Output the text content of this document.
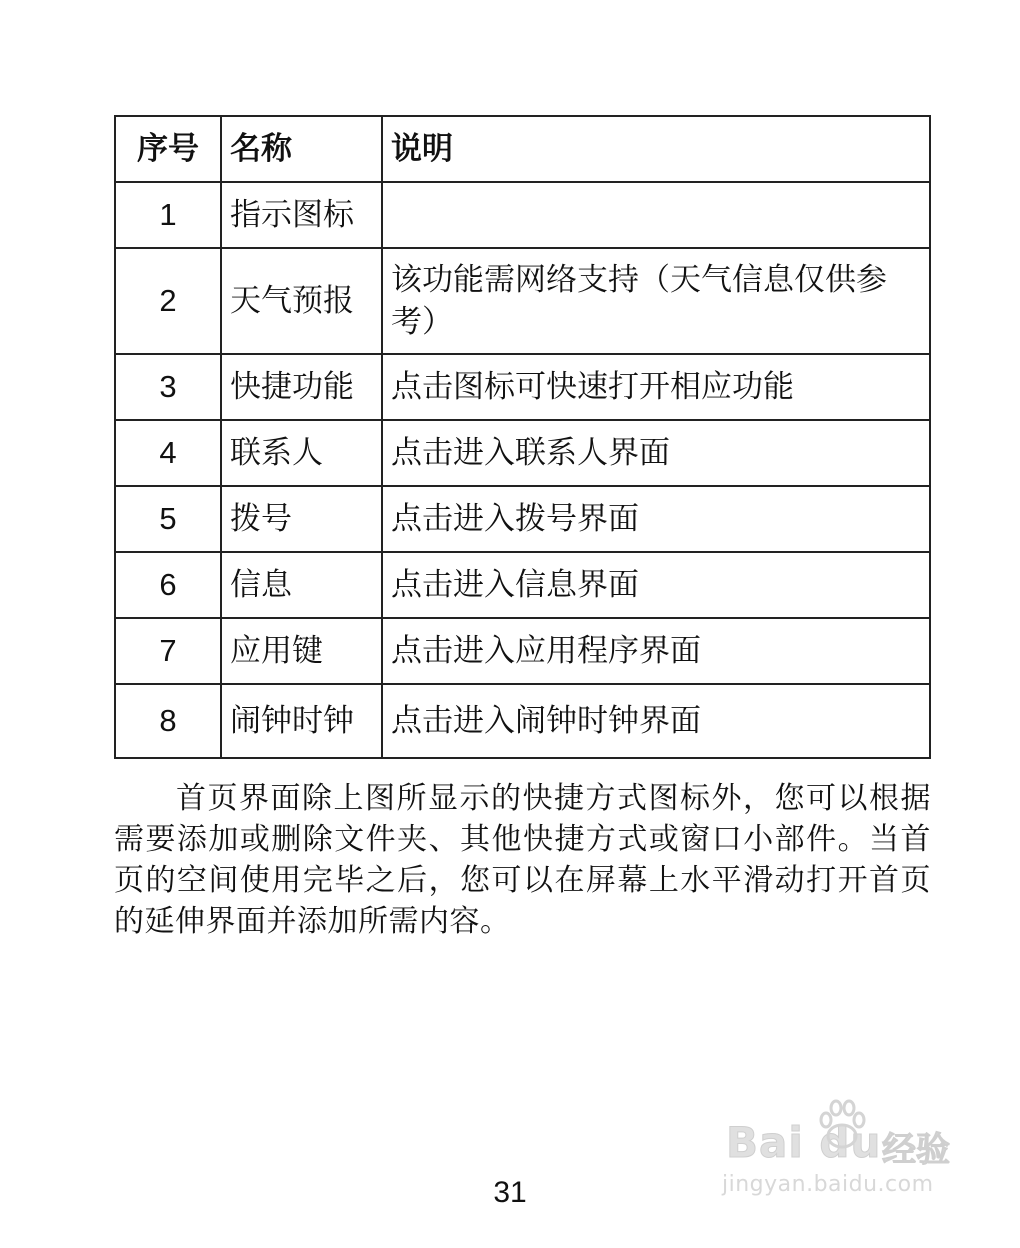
序号	名称	说明
1	指示图标	
2	天气预报	该功能需网络支持（天气信息仅供参考）
3	快捷功能	点击图标可快速打开相应功能
4	联系人	点击进入联系人界面
5	拨号	点击进入拨号界面
6	信息	点击进入信息界面
7	应用键	点击进入应用程序界面
8	闹钟时钟	点击进入闹钟时钟界面

首页界面除上图所显示的快捷方式图标外，您可以根据需要添加或删除文件夹、其他快捷方式或窗口小部件。当首页的空间使用完毕之后，您可以在屏幕上水平滑动打开首页的延伸界面并添加所需内容。

31
Bai du 经验
jingyan.baidu.com
